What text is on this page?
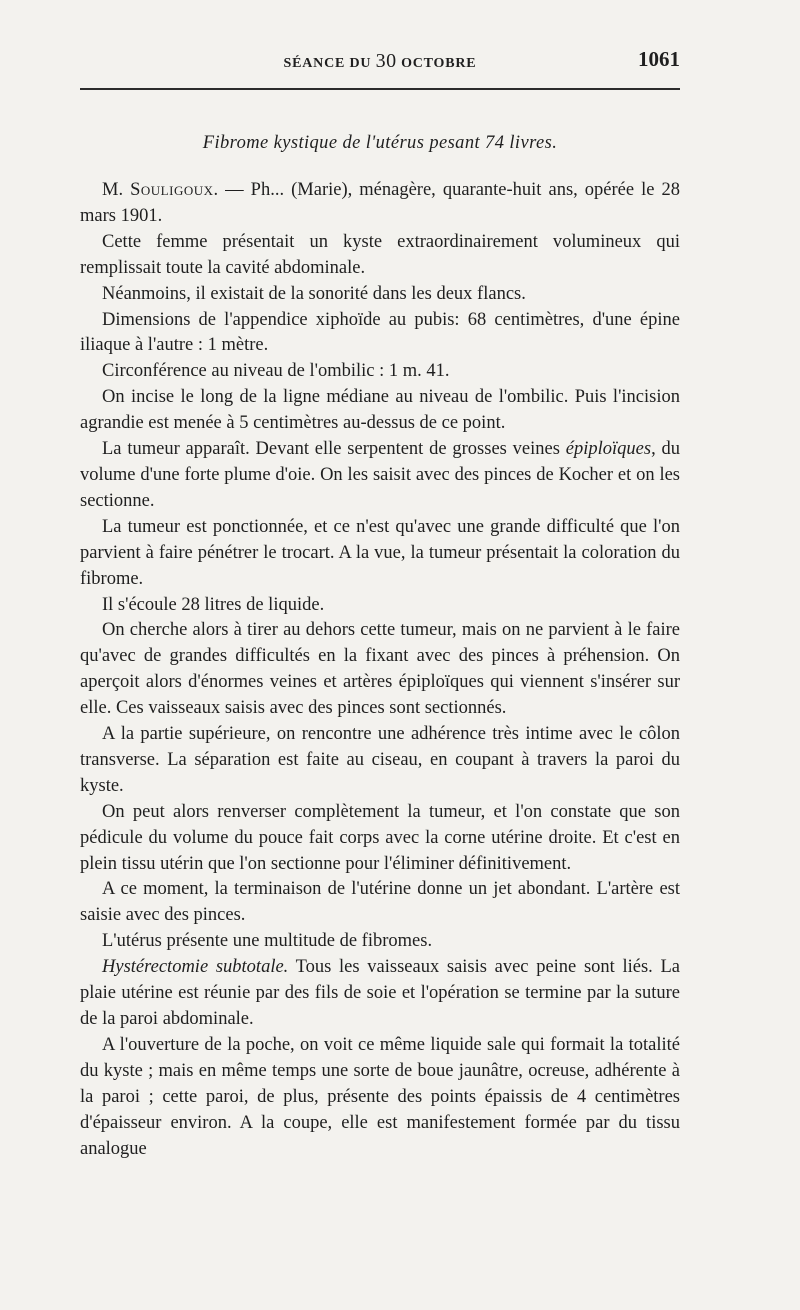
SÉANCE DU 30 OCTOBRE	1061
Fibrome kystique de l'utérus pesant 74 livres.

M. Souligoux. — Ph... (Marie), ménagère, quarante-huit ans, opérée le 28 mars 1901.

Cette femme présentait un kyste extraordinairement volumineux qui remplissait toute la cavité abdominale.

Néanmoins, il existait de la sonorité dans les deux flancs.

Dimensions de l'appendice xiphoïde au pubis: 68 centimètres, d'une épine iliaque à l'autre : 1 mètre.

Circonférence au niveau de l'ombilic : 1 m. 41.

On incise le long de la ligne médiane au niveau de l'ombilic. Puis l'incision agrandie est menée à 5 centimètres au-dessus de ce point.

La tumeur apparaît. Devant elle serpentent de grosses veines épiploïques, du volume d'une forte plume d'oie. On les saisit avec des pinces de Kocher et on les sectionne.

La tumeur est ponctionnée, et ce n'est qu'avec une grande difficulté que l'on parvient à faire pénétrer le trocart. A la vue, la tumeur présentait la coloration du fibrome.

Il s'écoule 28 litres de liquide.

On cherche alors à tirer au dehors cette tumeur, mais on ne parvient à le faire qu'avec de grandes difficultés en la fixant avec des pinces à préhension. On aperçoit alors d'énormes veines et artères épiploïques qui viennent s'insérer sur elle. Ces vaisseaux saisis avec des pinces sont sectionnés.

A la partie supérieure, on rencontre une adhérence très intime avec le côlon transverse. La séparation est faite au ciseau, en coupant à travers la paroi du kyste.

On peut alors renverser complètement la tumeur, et l'on constate que son pédicule du volume du pouce fait corps avec la corne utérine droite. Et c'est en plein tissu utérin que l'on sectionne pour l'éliminer définitivement.

A ce moment, la terminaison de l'utérine donne un jet abondant. L'artère est saisie avec des pinces.

L'utérus présente une multitude de fibromes.

Hystérectomie subtotale. Tous les vaisseaux saisis avec peine sont liés. La plaie utérine est réunie par des fils de soie et l'opération se termine par la suture de la paroi abdominale.

A l'ouverture de la poche, on voit ce même liquide sale qui formait la totalité du kyste ; mais en même temps une sorte de boue jaunâtre, ocreuse, adhérente à la paroi ; cette paroi, de plus, présente des points épaissis de 4 centimètres d'épaisseur environ. A la coupe, elle est manifestement formée par du tissu analogue
